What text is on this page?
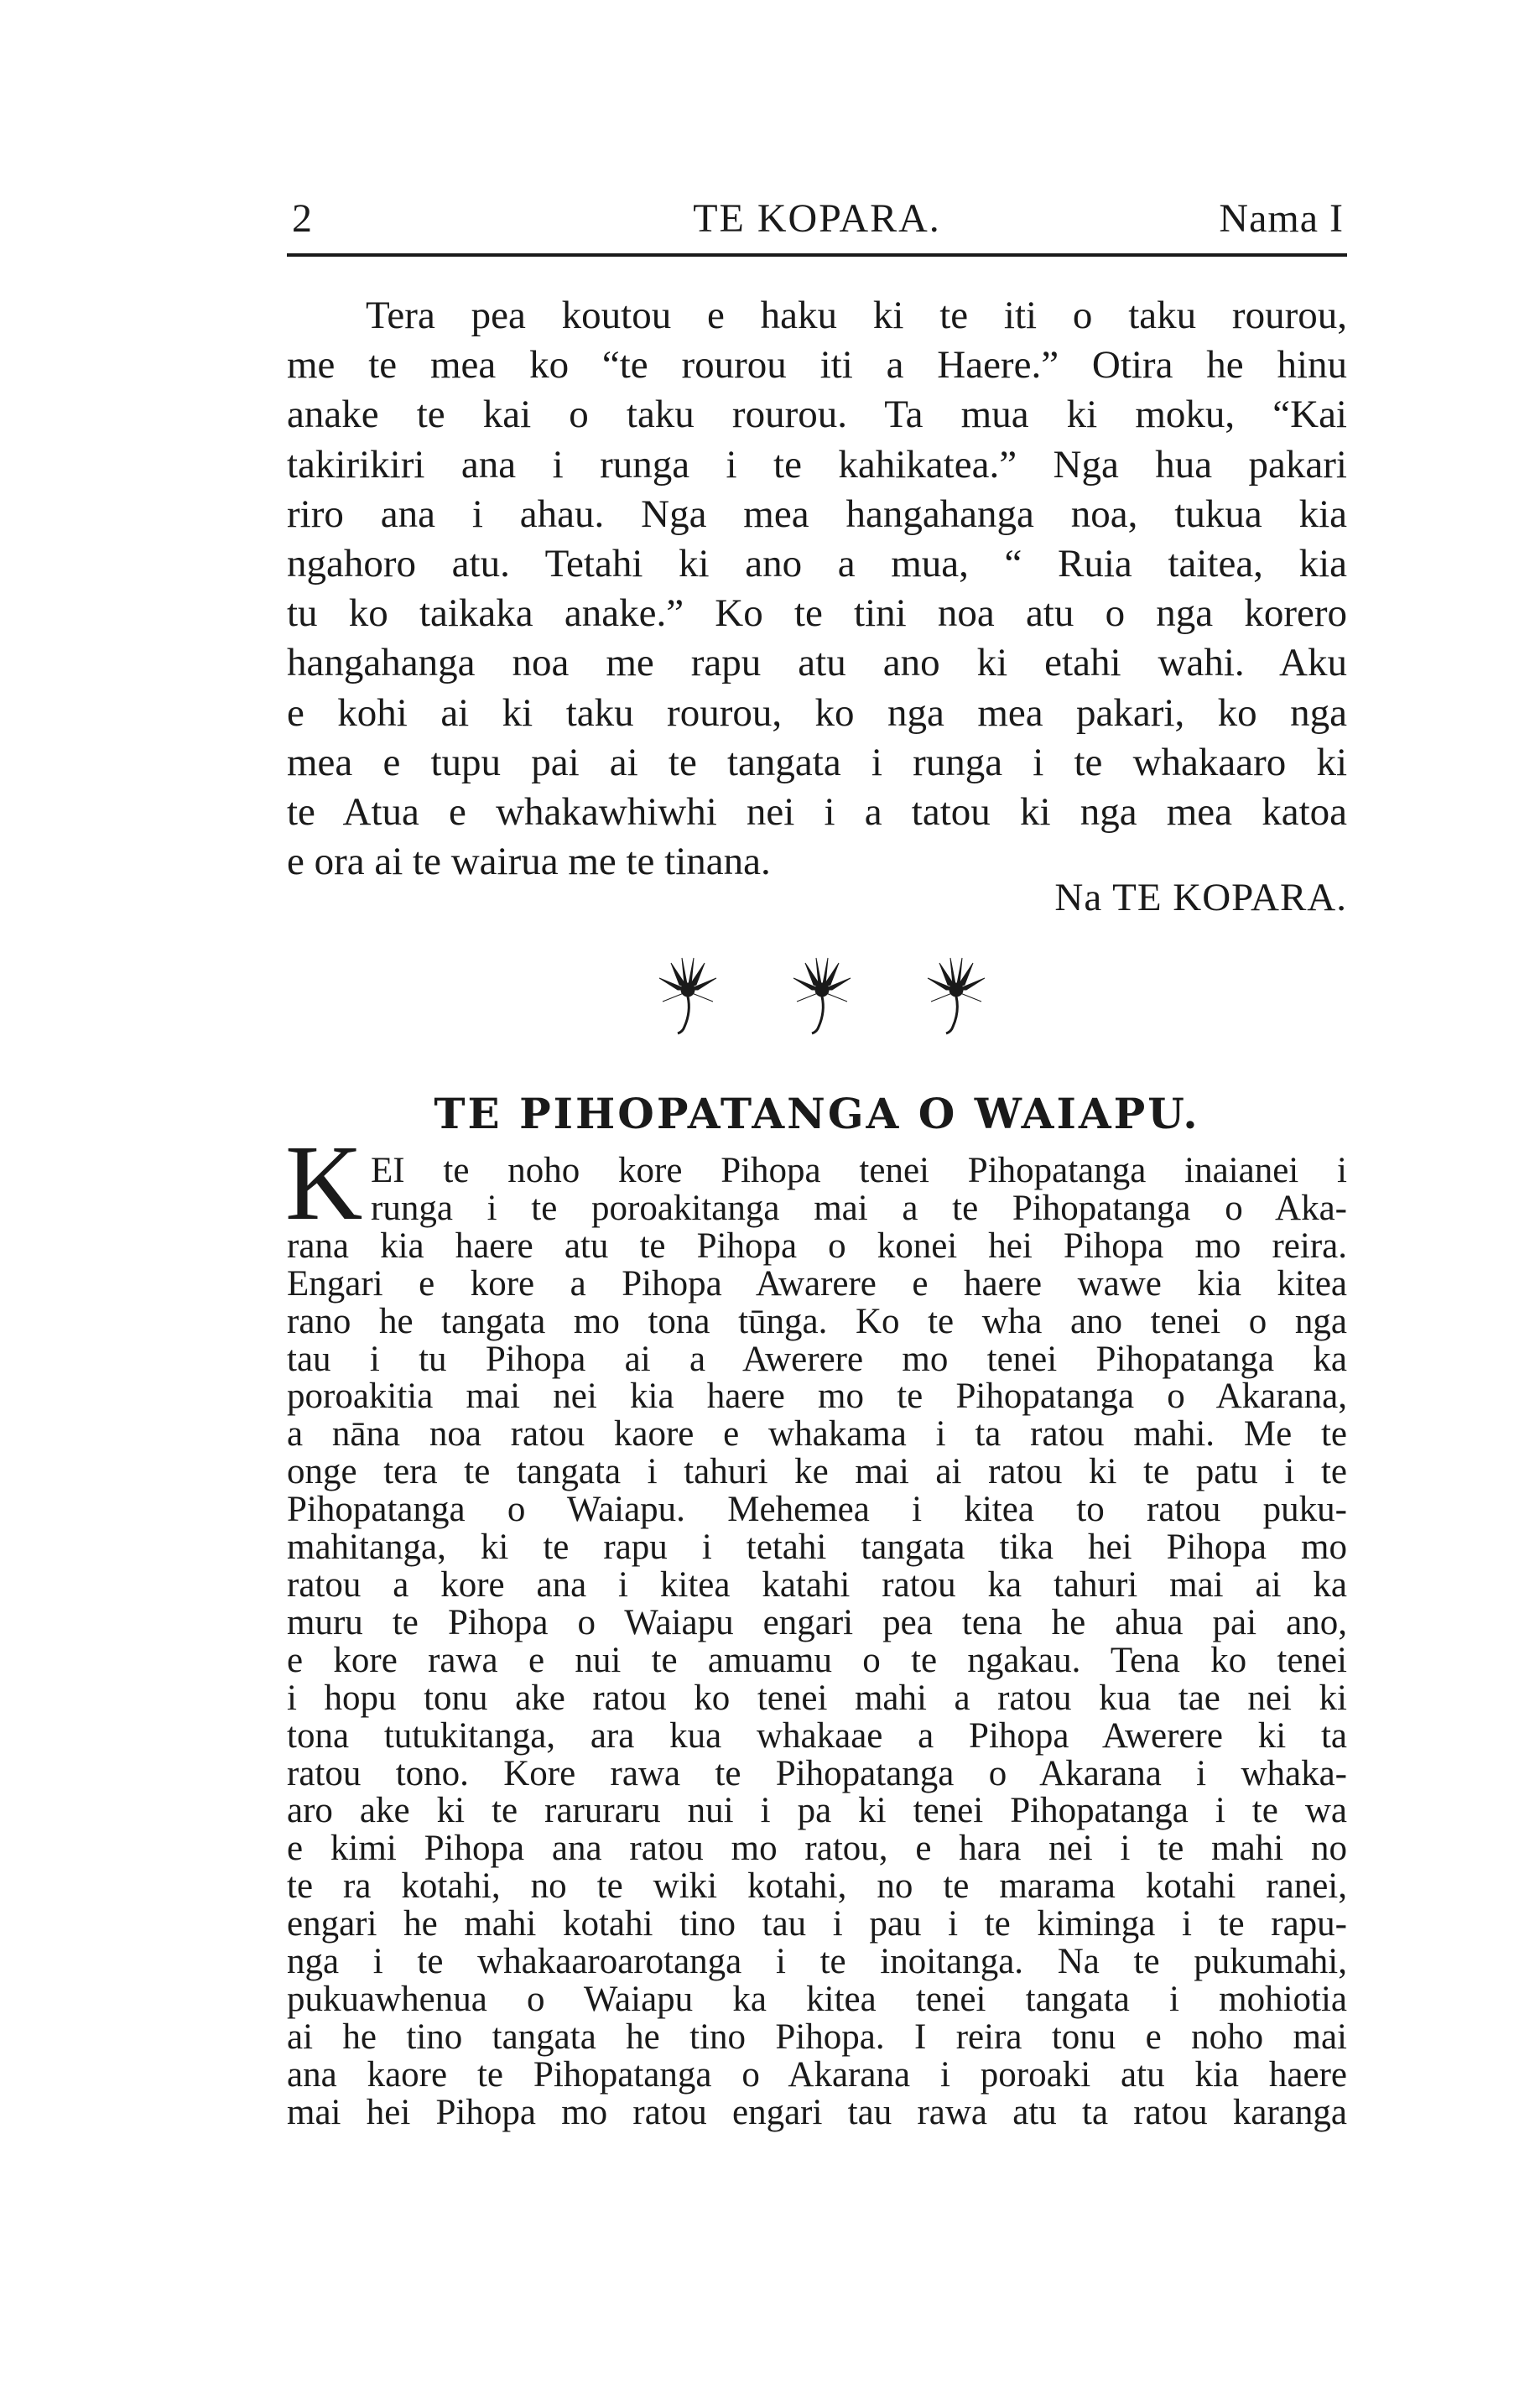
2	TE KOPARA.	Nama I
Tera pea koutou e haku ki te iti o taku rourou,
me te mea ko “te rourou iti a Haere.” Otira he hinu
anake te kai o taku rourou. Ta mua ki moku, “Kai
takirikiri ana i runga i te kahikatea.” Nga hua pakari
riro ana i ahau. Nga mea hangahanga noa, tukua kia
ngahoro atu. Tetahi ki ano a mua, “ Ruia taitea, kia
tu ko taikaka anake.” Ko te tini noa atu o nga korero
hangahanga noa me rapu atu ano ki etahi wahi. Aku
e kohi ai ki taku rourou, ko nga mea pakari, ko nga
mea e tupu pai ai te tangata i runga i te whakaaro ki
te Atua e whakawhiwhi nei i a tatou ki nga mea katoa
e ora ai te wairua me te tinana.
Na TE KOPARA.
TE PIHOPATANGA O WAIAPU.
K EI te noho kore Pihopa tenei Pihopatanga inaianei i
runga i te poroakitanga mai a te Pihopatanga o Aka-
rana kia haere atu te Pihopa o konei hei Pihopa mo reira.
Engari e kore a Pihopa Awarere e haere wawe kia kitea
rano he tangata mo tona tūnga. Ko te wha ano tenei o nga
tau i tu Pihopa ai a Awerere mo tenei Pihopatanga ka
poroakitia mai nei kia haere mo te Pihopatanga o Akarana,
a nāna noa ratou kaore e whakama i ta ratou mahi. Me te
onge tera te tangata i tahuri ke mai ai ratou ki te patu i te
Pihopatanga o Waiapu. Mehemea i kitea to ratou puku-
mahitanga, ki te rapu i tetahi tangata tika hei Pihopa mo
ratou a kore ana i kitea katahi ratou ka tahuri mai ai ka
muru te Pihopa o Waiapu engari pea tena he ahua pai ano,
e kore rawa e nui te amuamu o te ngakau. Tena ko tenei
i hopu tonu ake ratou ko tenei mahi a ratou kua tae nei ki
tona tutukitanga, ara kua whakaae a Pihopa Awerere ki ta
ratou tono. Kore rawa te Pihopatanga o Akarana i whaka-
aro ake ki te raruraru nui i pa ki tenei Pihopatanga i te wa
e kimi Pihopa ana ratou mo ratou, e hara nei i te mahi no
te ra kotahi, no te wiki kotahi, no te marama kotahi ranei,
engari he mahi kotahi tino tau i pau i te kiminga i te rapu-
nga i te whakaaroarotanga i te inoitanga. Na te pukumahi,
pukuawhenua o Waiapu ka kitea tenei tangata i mohiotia
ai he tino tangata he tino Pihopa. I reira tonu e noho mai
ana kaore te Pihopatanga o Akarana i poroaki atu kia haere
mai hei Pihopa mo ratou engari tau rawa atu ta ratou karanga
